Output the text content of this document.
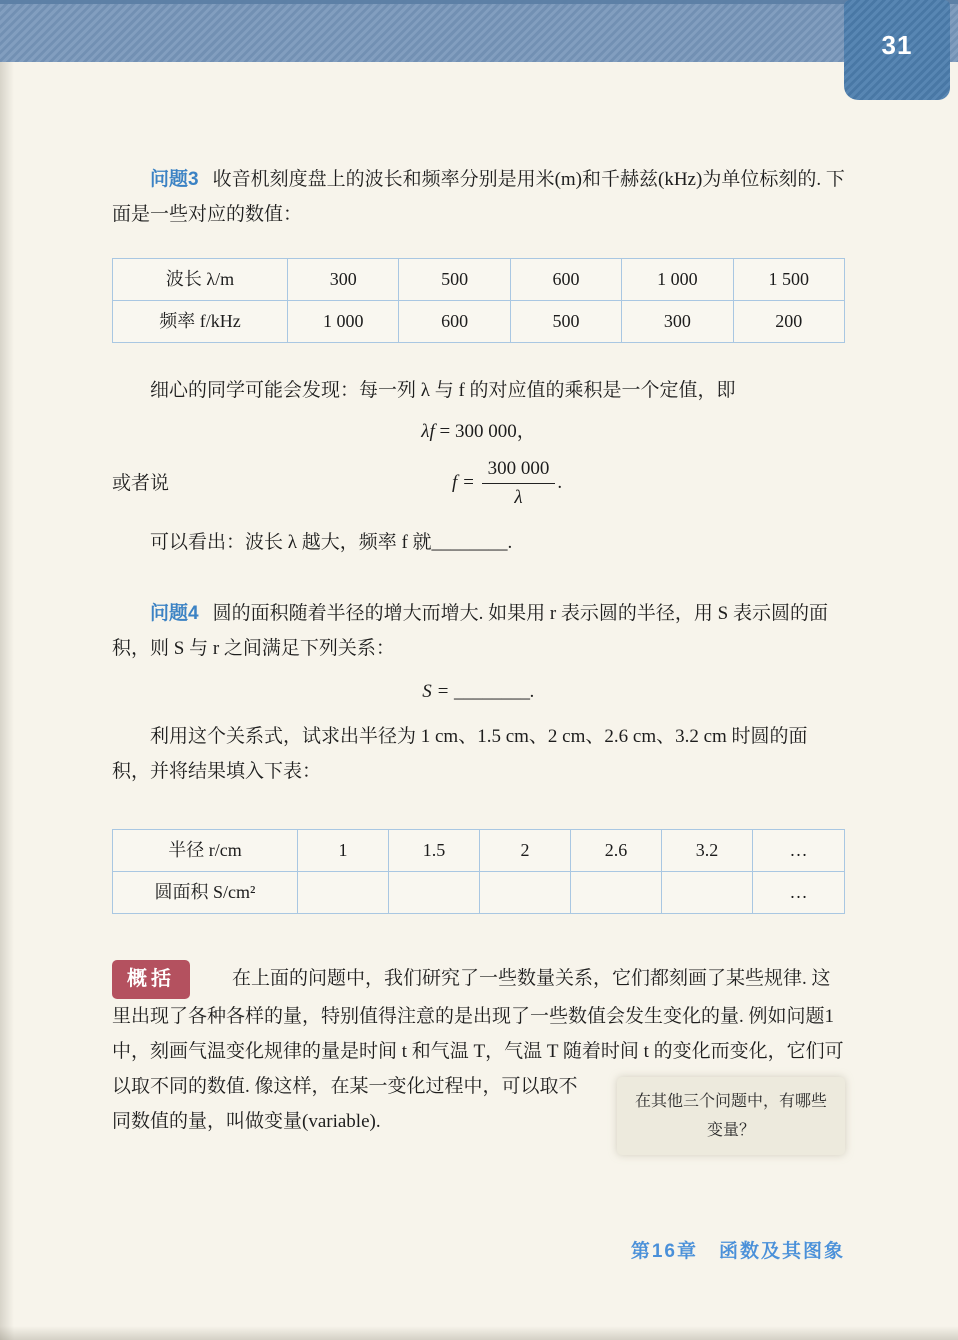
31

问题3 收音机刻度盘上的波长和频率分别是用米(m)和千赫兹(kHz)为单位标刻的. 下面是一些对应的数值：

波长 λ/m	300	500	600	1 000	1 500
频率 f/kHz	1 000	600	500	300	200

细心的同学可能会发现：每一列 λ 与 f 的对应值的乘积是一个定值，即

λf = 300 000，
或者说	$f = \frac{300 000}{\lambda}$ .

可以看出：波长 λ 越大，频率 f 就________.

问题4 圆的面积随着半径的增大而增大. 如果用 r 表示圆的半径，用 S 表示圆的面积，则 S 与 r 之间满足下列关系：

S = ________.

利用这个关系式，试求出半径为 1 cm、1.5 cm、2 cm、2.6 cm、3.2 cm 时圆的面积，并将结果填入下表：

半径 r/cm	1	1.5	2	2.6	3.2	…
圆面积 S/cm²						…

概括	在上面的问题中，我们研究了一些数量关系，它们都刻画了某些规律. 这里出现了各种各样的量，特别值得注意的是出现了一些数值会发生变化的量. 例如问题1中，刻画气温变化规律的量是时间 t 和气温 T，气温 T 随着时间 t 的变化而变化，它们可以取不同的
在其他三个问题中，有哪些变量？
数值. 像这样，在某一变化过程中，可以取不同数值的量，叫做变量(variable).

第16章　函数及其图象
